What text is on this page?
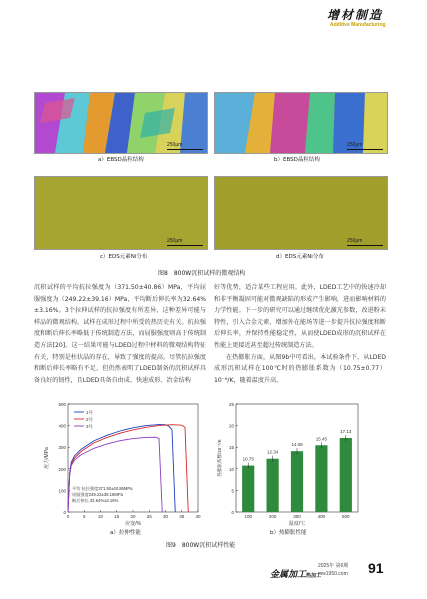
增材制造
Additive Manufacturing
250μm	250μm
a）EBSD晶粒结构	b）EBSD晶粒结构
250μm	250μm
c）EDS元素Ni分布	d）EDS元素Ni分布
图8　800W沉积试样的微观结构

沉积试样的平均抗拉强度为（371.50±40.86）MPa，平均屈服强度为（249.22±39.16）MPa，平均断后伸长率为32.64%±3.16%。3个拉伸试样的抗拉强度有所差异，这种差异可能与样品的微观结构、试样在成形过程中所受的热历史有关。抗拉强度和断后伸长率略低于传统制造方法，而屈服强度则高于传统制造方法[20]。这一结果可能与LDED过程中材料的微观结构特征有关，特别是柱状晶的存在，导致了强度的提高。尽管抗拉强度和断后伸长率略有不足，但仍然表明了LDED制备的沉积试样具备良好的韧性，且LDED具备自由成、快速成形、冶金结构

好等优势，适合某些工程应用。此外，LDED工艺中的快速冷却和非平衡凝固可能对微观缺陷的形成产生影响，进而影响材料的力学性能。下一步的研究可以通过继续优化激光参数，改进粉末特性，引入合金元素，增加外在能场等进一步提升抗拉强度和断后伸长率，并保持性能稳定性，从而使LDED成形的沉积试样在性能上更接近甚至超过传统制造方法。

在热膨胀方面，从图9b中可看出，本试验条件下，从LDED成形沉积试样在100℃时的热膨胀系数为（10.75±0.77）10⁻⁶/K，随着温度升高，

0
100
200
300
400
500
0	5	10 15 20 25 30 35 40
应变/%
应力/MPa
1号
2号
3号
平均 抗拉强度371.50±40.86MPa
屈服强度249.22±39.16MPa
断后伸长 32.64%±3.16%
0
5
10
15
20
25
10.75
100
12.34
200
14.08
300
15.45
400
17.13
500
温度/℃
热膨胀系数/10⁻⁶/K
a）拉伸性能	b）热膨胀性能
图9　800W沉积试样性能
金属加工热加工
2025年 第6期
mw1950.com 91
